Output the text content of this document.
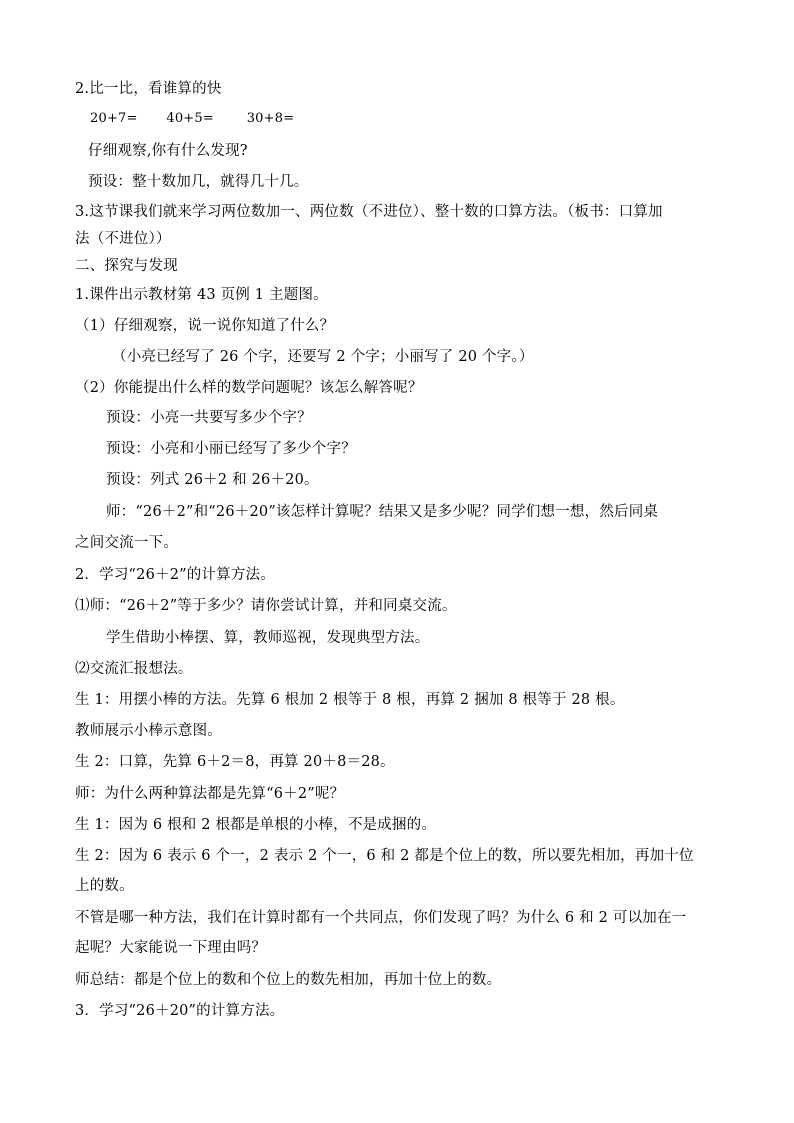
2.比一比，看谁算的快
20+7= 40+5=	30+8=
仔细观察,你有什么发现?
预设：整十数加几，就得几十几。
3.这节课我们就来学习两位数加一、两位数（不进位）、整十数的口算方法。（板书：口算加
法（不进位））
二、探究与发现
1.课件出示教材第 43 页例 1 主题图。
（1）仔细观察，说一说你知道了什么？
（小亮已经写了 26 个字，还要写 2 个字；小丽写了 20 个字。）
（2）你能提出什么样的数学问题呢？该怎么解答呢？
预设：小亮一共要写多少个字？
预设：小亮和小丽已经写了多少个字？
预设：列式 26＋2 和 26＋20。
师：“26＋2”和“26＋20”该怎样计算呢？结果又是多少呢？同学们想一想，然后同桌
之间交流一下。
2．学习“26＋2”的计算方法。
⑴师：“26＋2”等于多少？请你尝试计算，并和同桌交流。
学生借助小棒摆、算，教师巡视，发现典型方法。
⑵交流汇报想法。
生 1：用摆小棒的方法。先算 6 根加 2 根等于 8 根，再算 2 捆加 8 根等于 28 根。
教师展示小棒示意图。
生 2：口算，先算 6＋2＝8，再算 20＋8＝28。
师：为什么两种算法都是先算“6＋2”呢？
生 1：因为 6 根和 2 根都是单根的小棒，不是成捆的。
生 2：因为 6 表示 6 个一，2 表示 2 个一，6 和 2 都是个位上的数，所以要先相加，再加十位
上的数。
不管是哪一种方法，我们在计算时都有一个共同点，你们发现了吗？为什么 6 和 2 可以加在一
起呢？大家能说一下理由吗？
师总结：都是个位上的数和个位上的数先相加，再加十位上的数。
3．学习“26＋20”的计算方法。
